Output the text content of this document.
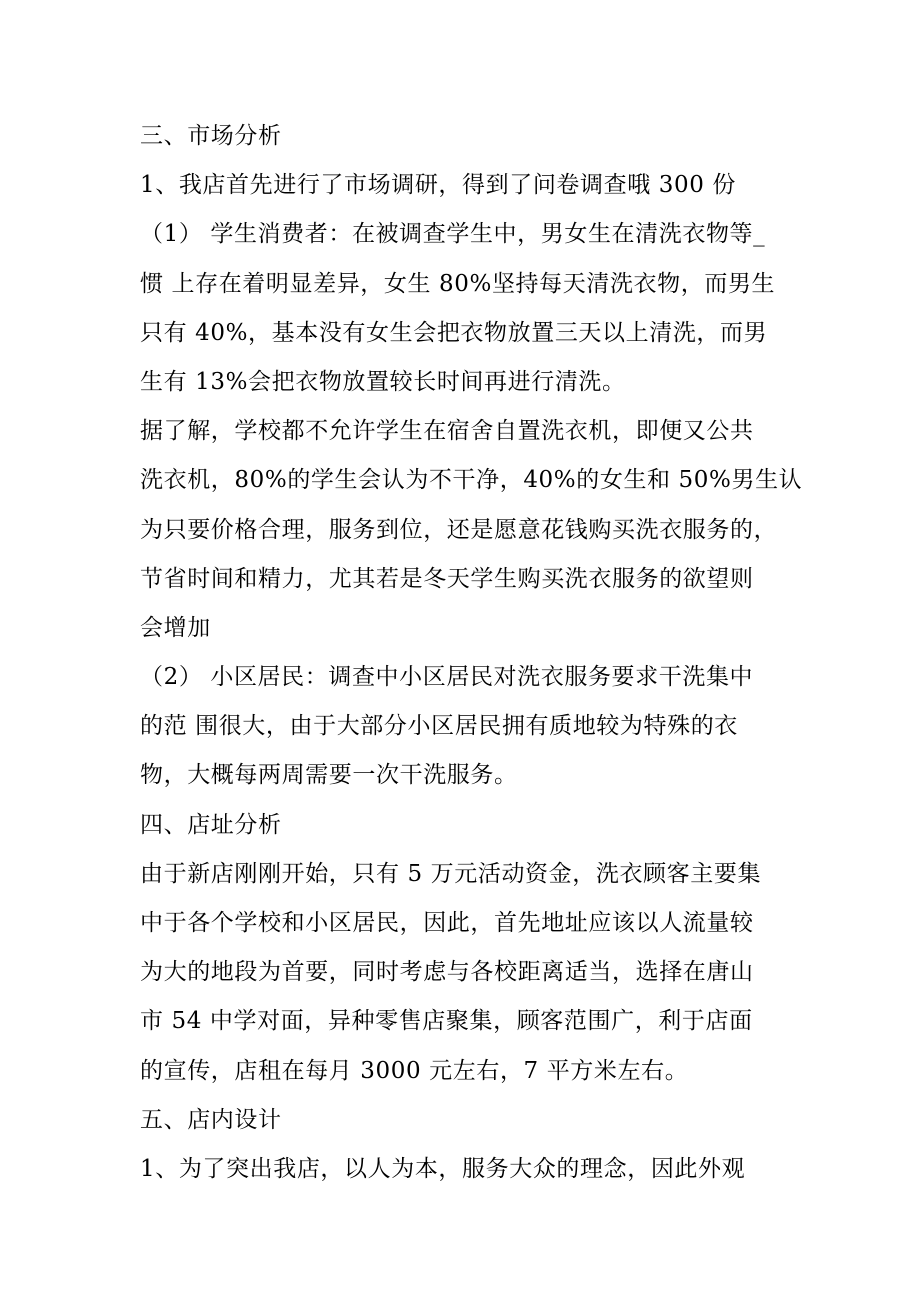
三、市场分析
1、我店首先进行了市场调研，得到了问卷调查哦 300 份
（1） 学生消费者：在被调查学生中，男女生在清洗衣物等_
惯 上存在着明显差异，女生 80%坚持每天清洗衣物，而男生
只有 40%，基本没有女生会把衣物放置三天以上清洗，而男
生有 13%会把衣物放置较长时间再进行清洗。
据了解，学校都不允许学生在宿舍自置洗衣机，即便又公共
洗衣机，80%的学生会认为不干净，40%的女生和 50%男生认
为只要价格合理，服务到位，还是愿意花钱购买洗衣服务的，
节省时间和精力，尤其若是冬天学生购买洗衣服务的欲望则
会增加
（2） 小区居民：调查中小区居民对洗衣服务要求干洗集中
的范 围很大，由于大部分小区居民拥有质地较为特殊的衣
物，大概每两周需要一次干洗服务。
四、店址分析
由于新店刚刚开始，只有 5 万元活动资金，洗衣顾客主要集
中于各个学校和小区居民，因此，首先地址应该以人流量较
为大的地段为首要，同时考虑与各校距离适当，选择在唐山
市 54 中学对面，异种零售店聚集，顾客范围广，利于店面
的宣传，店租在每月 3000 元左右，7 平方米左右。
五、店内设计
1、为了突出我店，以人为本，服务大众的理念，因此外观
